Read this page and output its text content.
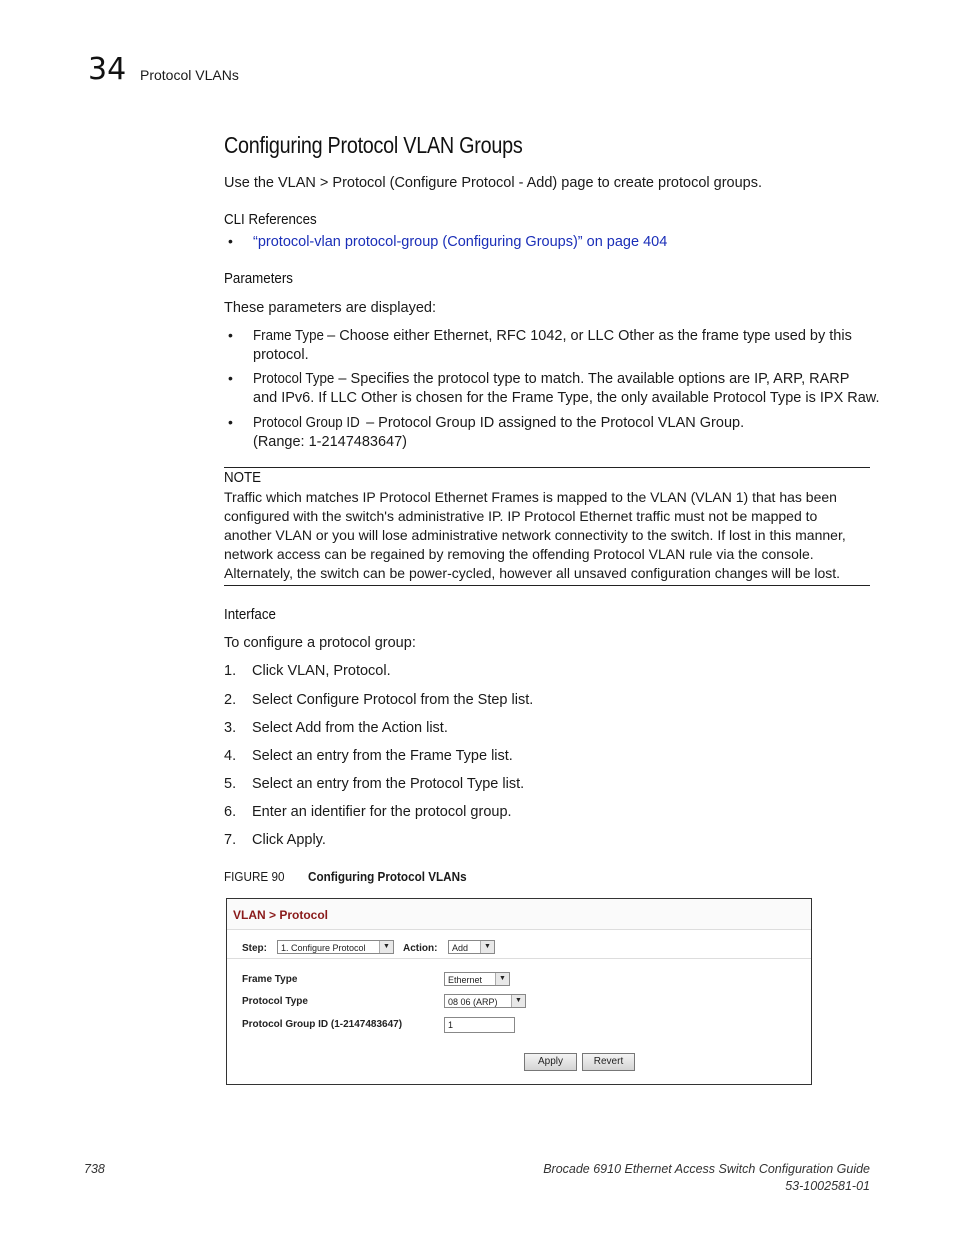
34 Protocol VLANs
Configuring Protocol VLAN Groups
Use the VLAN > Protocol (Configure Protocol - Add) page to create protocol groups.
CLI References
• “protocol-vlan protocol-group (Configuring Groups)” on page 404
Parameters
These parameters are displayed:
• Frame Type – Choose either Ethernet, RFC 1042, or LLC Other as the frame type used by this
protocol.
• Protocol Type – Specifies the protocol type to match. The available options are IP, ARP, RARP
and IPv6. If LLC Other is chosen for the Frame Type, the only available Protocol Type is IPX Raw.
• Protocol Group ID – Protocol Group ID assigned to the Protocol VLAN Group.
(Range: 1-2147483647)
NOTE
Traffic which matches IP Protocol Ethernet Frames is mapped to the VLAN (VLAN 1) that has been
configured with the switch's administrative IP. IP Protocol Ethernet traffic must not be mapped to
another VLAN or you will lose administrative network connectivity to the switch. If lost in this manner,
network access can be regained by removing the offending Protocol VLAN rule via the console.
Alternately, the switch can be power-cycled, however all unsaved configuration changes will be lost.
Interface
To configure a protocol group:
1. Click VLAN, Protocol.
2. Select Configure Protocol from the Step list.
3. Select Add from the Action list.
4. Select an entry from the Frame Type list.
5. Select an entry from the Protocol Type list.
6. Enter an identifier for the protocol group.
7. Click Apply.
FIGURE 90 Configuring Protocol VLANs
VLAN > Protocol
Step:	1. Configure Protocol	▼	Action:	Add	▼
Frame Type	Ethernet	▼
Protocol Type	08 06 (ARP)	▼
Protocol Group ID (1-2147483647)	1
Apply	Revert
738	Brocade 6910 Ethernet Access Switch Configuration Guide
53-1002581-01
